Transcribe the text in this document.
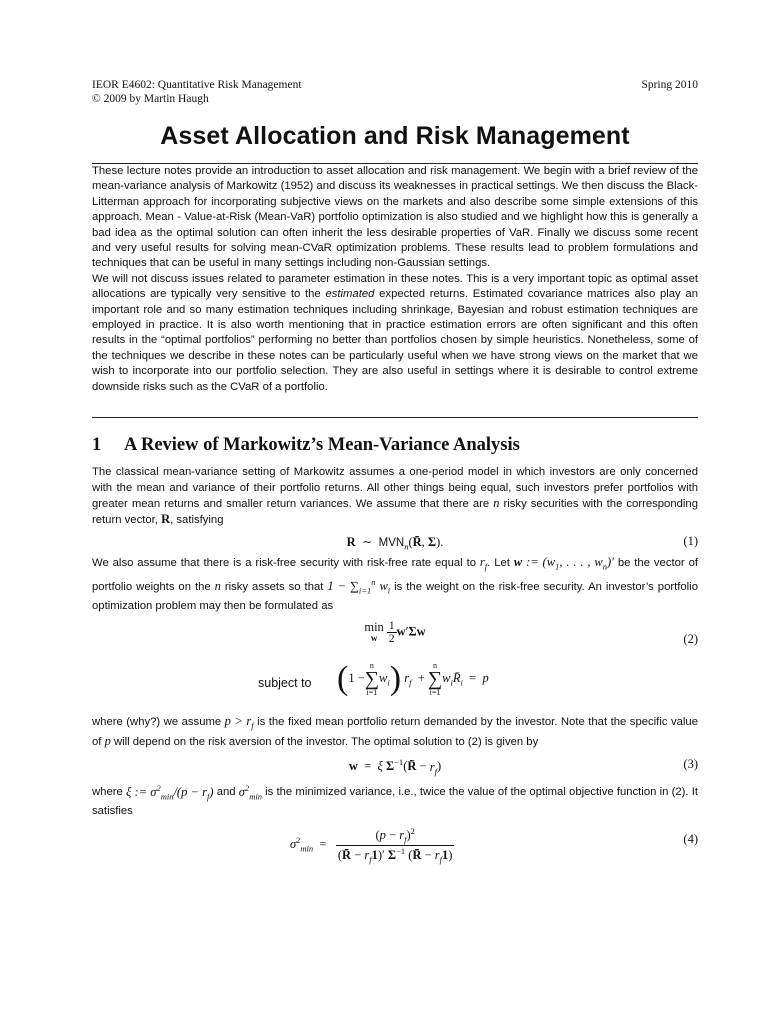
IEOR E4602: Quantitative Risk Management
© 2009 by Martin Haugh
Spring 2010
Asset Allocation and Risk Management

These lecture notes provide an introduction to asset allocation and risk management. We begin with a brief review of the mean-variance analysis of Markowitz (1952) and discuss its weaknesses in practical settings. We then discuss the Black-Litterman approach for incorporating subjective views on the markets and also describe some simple extensions of this approach. Mean - Value-at-Risk (Mean-VaR) portfolio optimization is also studied and we highlight how this is generally a bad idea as the optimal solution can often inherit the less desirable properties of VaR. Finally we discuss some recent and very useful results for solving mean-CVaR optimization problems. These results lead to problem formulations and techniques that can be useful in many settings including non-Gaussian settings.

We will not discuss issues related to parameter estimation in these notes. This is a very important topic as optimal asset allocations are typically very sensitive to the estimated expected returns. Estimated covariance matrices also play an important role and so many estimation techniques including shrinkage, Bayesian and robust estimation techniques are employed in practice. It is also worth mentioning that in practice estimation errors are often significant and this often results in the “optimal portfolios” performing no better than portfolios chosen by simple heuristics. Nonetheless, some of the techniques we describe in these notes can be particularly useful when we have strong views on the market that we wish to incorporate into our portfolio selection. They are also useful in settings where it is desirable to control extreme downside risks such as the CVaR of a portfolio.

1 A Review of Markowitz’s Mean-Variance Analysis

The classical mean-variance setting of Markowitz assumes a one-period model in which investors are only concerned with the mean and variance of their portfolio returns. All other things being equal, such investors prefer portfolios with greater mean returns and smaller return variances. We assume that there are n risky securities with the corresponding return vector, R, satisfying

R  ∼  $MVN_n(R̄$, Σ).	(1)

We also assume that there is a risk-free security with risk-free rate equal to $r_f$. Let w := ($w_1$, . . . , $w_n)'$ be the vector of portfolio weights on the n risky assets so that $1 - \sum_{i=1}^n$ $w_i$ is the weight on the risk-free security. An investor’s portfolio optimization problem may then be formulated as

min
w $\frac{1}{2} w'\Sigma w$
(2)
subject to (1 −n
∑
$i=1w_i$) $r_f + n$
∑
$i=1w_iR̄_i = p$

where (why?) we assume $p > r_f$ is the fixed mean portfolio return demanded by the investor. Note that the specific value of p will depend on the risk aversion of the investor. The optimal solution to (2) is given by

w  =  ξ $\Sigma^{-1}(R̄ - r_f)$	(3)

where ξ := $\sigma^2_{min}/(p - r_f)$ and $\sigma^2_{min}$ is the minimized variance, i.e., twice the value of the optimal objective function in (2). It satisfies

$\sigma^2_{min} = \frac{(p - r_f)^2}{(R̄ - r_f1)' \Sigma^{-1} (R̄ - r_f1)}$	(4)
